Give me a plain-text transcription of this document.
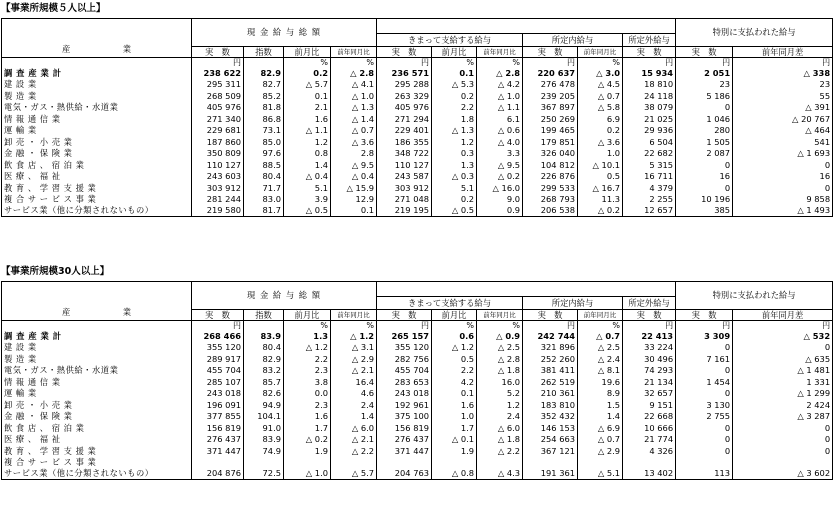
【事業所規模５人以上】
産 業	現 金 給 与 総 額										特別に支払われた給与	
					きまって支給する給与			所定内給与		所定外給与		
	実　数	指数	前月比	前年同月比	実　数	前月比	前年同月比	実　数	前年同月比	実　数	実　数	前年同月差
	円		%	%	円	%	%	円	%	円	円	円
調 査 産 業 計	238 622	82.9	0.2	△ 2.8	236 571	0.1	△ 2.8	220 637	△ 3.0	15 934	2 051	△ 338
建 設 業	295 311	82.7	△ 5.7	△ 4.1	295 288	△ 5.3	△ 4.2	276 478	△ 4.5	18 810	23	23
製 造 業	268 509	85.2	0.1	△ 1.0	263 329	0.2	△ 1.0	239 205	△ 0.7	24 118	5 186	55
電気・ガス・熱供給・水道業	405 976	81.8	2.1	△ 1.3	405 976	2.2	△ 1.1	367 897	△ 5.8	38 079	0	△ 391
情 報 通 信 業	271 340	86.8	1.6	△ 1.4	271 294	1.8	6.1	250 269	6.9	21 025	1 046	△ 20 767
運 輸 業	229 681	73.1	△ 1.1	△ 0.7	229 401	△ 1.3	△ 0.6	199 465	0.2	29 936	280	△ 464
卸 売 ・ 小 売 業	187 860	85.0	1.2	△ 3.6	186 355	1.2	△ 4.0	179 851	△ 3.6	6 504	1 505	541
金 融 ・ 保 険 業	350 809	97.6	0.8	2.8	348 722	0.3	3.3	326 040	1.0	22 682	2 087	△ 1 693
飲 食 店 、 宿 泊 業	110 127	88.5	1.4	△ 9.5	110 127	1.3	△ 9.5	104 812	△ 10.1	5 315	0	0
医 療 、 福 祉	243 603	80.4	△ 0.4	△ 0.4	243 587	△ 0.3	△ 0.2	226 876	0.5	16 711	16	16
教 育 、 学 習 支 援 業	303 912	71.7	5.1	△ 15.9	303 912	5.1	△ 16.0	299 533	△ 16.7	4 379	0	0
複 合 サ ー ビ ス 事 業	281 244	83.0	3.9	12.9	271 048	0.2	9.0	268 793	11.3	2 255	10 196	9 858
サービス業（他に分類されないもの）	219 580	81.7	△ 0.5	0.1	219 195	△ 0.5	0.9	206 538	△ 0.2	12 657	385	△ 1 493
【事業所規模30人以上】
産 業	現 金 給 与 総 額										特別に支払われた給与	
					きまって支給する給与			所定内給与		所定外給与		
	実　数	指数	前月比	前年同月比	実　数	前月比	前年同月比	実　数	前年同月比	実　数	実　数	前年同月差
	円		%	%	円	%	%	円	%	円	円	円
調 査 産 業 計	268 466	83.9	1.3	△ 1.2	265 157	0.6	△ 0.9	242 744	△ 0.7	22 413	3 309	△ 532
建 設 業	355 120	80.4	△ 1.2	△ 3.1	355 120	△ 1.2	△ 2.5	321 896	△ 2.5	33 224	0	0
製 造 業	289 917	82.9	2.2	△ 2.9	282 756	0.5	△ 2.8	252 260	△ 2.4	30 496	7 161	△ 635
電気・ガス・熱供給・水道業	455 704	83.2	2.3	△ 2.1	455 704	2.2	△ 1.8	381 411	△ 8.1	74 293	0	△ 1 481
情 報 通 信 業	285 107	85.7	3.8	16.4	283 653	4.2	16.0	262 519	19.6	21 134	1 454	1 331
運 輸 業	243 018	82.6	0.0	4.6	243 018	0.1	5.2	210 361	8.9	32 657	0	△ 1 299
卸 売 ・ 小 売 業	196 091	94.9	2.3	2.4	192 961	1.6	1.2	183 810	1.5	9 151	3 130	2 424
金 融 ・ 保 険 業	377 855	104.1	1.6	1.4	375 100	1.0	2.4	352 432	1.4	22 668	2 755	△ 3 287
飲 食 店 、 宿 泊 業	156 819	91.0	1.7	△ 6.0	156 819	1.7	△ 6.0	146 153	△ 6.9	10 666	0	0
医 療 、 福 祉	276 437	83.9	△ 0.2	△ 2.1	276 437	△ 0.1	△ 1.8	254 663	△ 0.7	21 774	0	0
教 育 、 学 習 支 援 業	371 447	74.9	1.9	△ 2.2	371 447	1.9	△ 2.2	367 121	△ 2.9	4 326	0	0
複 合 サ ー ビ ス 事 業												
サービス業（他に分類されないもの）	204 876	72.5	△ 1.0	△ 5.7	204 763	△ 0.8	△ 4.3	191 361	△ 5.1	13 402	113	△ 3 602
